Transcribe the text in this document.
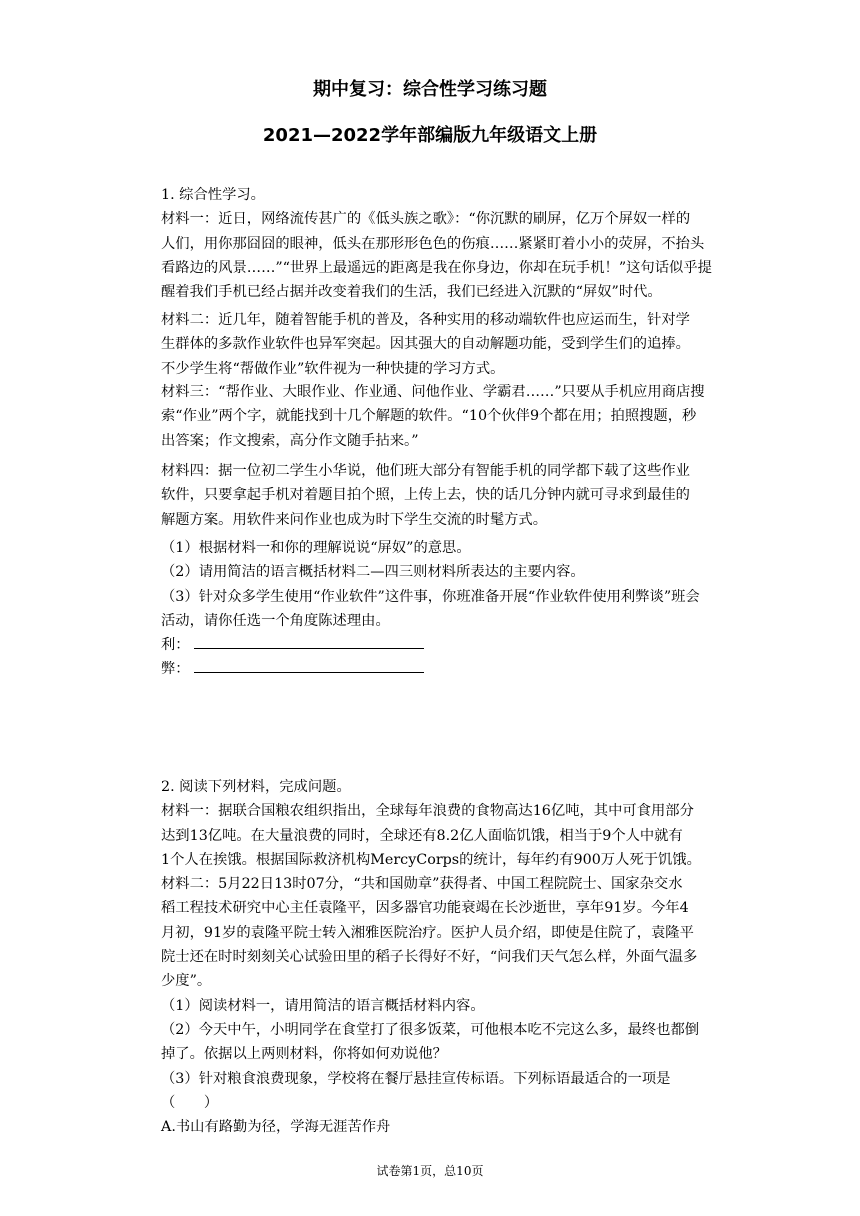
期中复习：综合性学习练习题
2021—2022学年部编版九年级语文上册
1. 综合性学习。
材料一：近日，网络流传甚广的《低头族之歌》：“你沉默的刷屏，亿万个屏奴一样的
人们，用你那囧囧的眼神，低头在那形形色色的伤痕……紧紧盯着小小的荧屏，不抬头
看路边的风景……”“世界上最遥远的距离是我在你身边，你却在玩手机！”这句话似乎提
醒着我们手机已经占据并改变着我们的生活，我们已经进入沉默的“屏奴”时代。
材料二：近几年，随着智能手机的普及，各种实用的移动端软件也应运而生，针对学
生群体的多款作业软件也异军突起。因其强大的自动解题功能，受到学生们的追捧。
不少学生将“帮做作业”软件视为一种快捷的学习方式。
材料三：“帮作业、大眼作业、作业通、问他作业、学霸君……”只要从手机应用商店搜
索“作业”两个字，就能找到十几个解题的软件。“10个伙伴9个都在用；拍照搜题，秒
出答案；作文搜索，高分作文随手拈来。”
材料四：据一位初二学生小华说，他们班大部分有智能手机的同学都下载了这些作业
软件，只要拿起手机对着题目拍个照，上传上去，快的话几分钟内就可寻求到最佳的
解题方案。用软件来问作业也成为时下学生交流的时髦方式。
（1）根据材料一和你的理解说说“屏奴”的意思。
（2）请用简洁的语言概括材料二—四三则材料所表达的主要内容。
（3）针对众多学生使用“作业软件”这件事，你班准备开展“作业软件使用利弊谈”班会
活动，请你任选一个角度陈述理由。
利：
弊：
2. 阅读下列材料，完成问题。
材料一：据联合国粮农组织指出，全球每年浪费的食物高达16亿吨，其中可食用部分
达到13亿吨。在大量浪费的同时，全球还有8.2亿人面临饥饿，相当于9个人中就有
1个人在挨饿。根据国际救济机构MercyCorps的统计，每年约有900万人死于饥饿。
材料二：5月22日13时07分，“共和国勋章”获得者、中国工程院院士、国家杂交水
稻工程技术研究中心主任袁隆平，因多器官功能衰竭在长沙逝世，享年91岁。今年4
月初，91岁的袁隆平院士转入湘雅医院治疗。医护人员介绍，即使是住院了，袁隆平
院士还在时时刻刻关心试验田里的稻子长得好不好，“问我们天气怎么样，外面气温多
少度”。
（1）阅读材料一，请用简洁的语言概括材料内容。
（2）今天中午，小明同学在食堂打了很多饭菜，可他根本吃不完这么多，最终也都倒
掉了。依据以上两则材料，你将如何劝说他？
（3）针对粮食浪费现象，学校将在餐厅悬挂宣传标语。下列标语最适合的一项是
（　　）
A.书山有路勤为径，学海无涯苦作舟
试卷第1页，总10页
